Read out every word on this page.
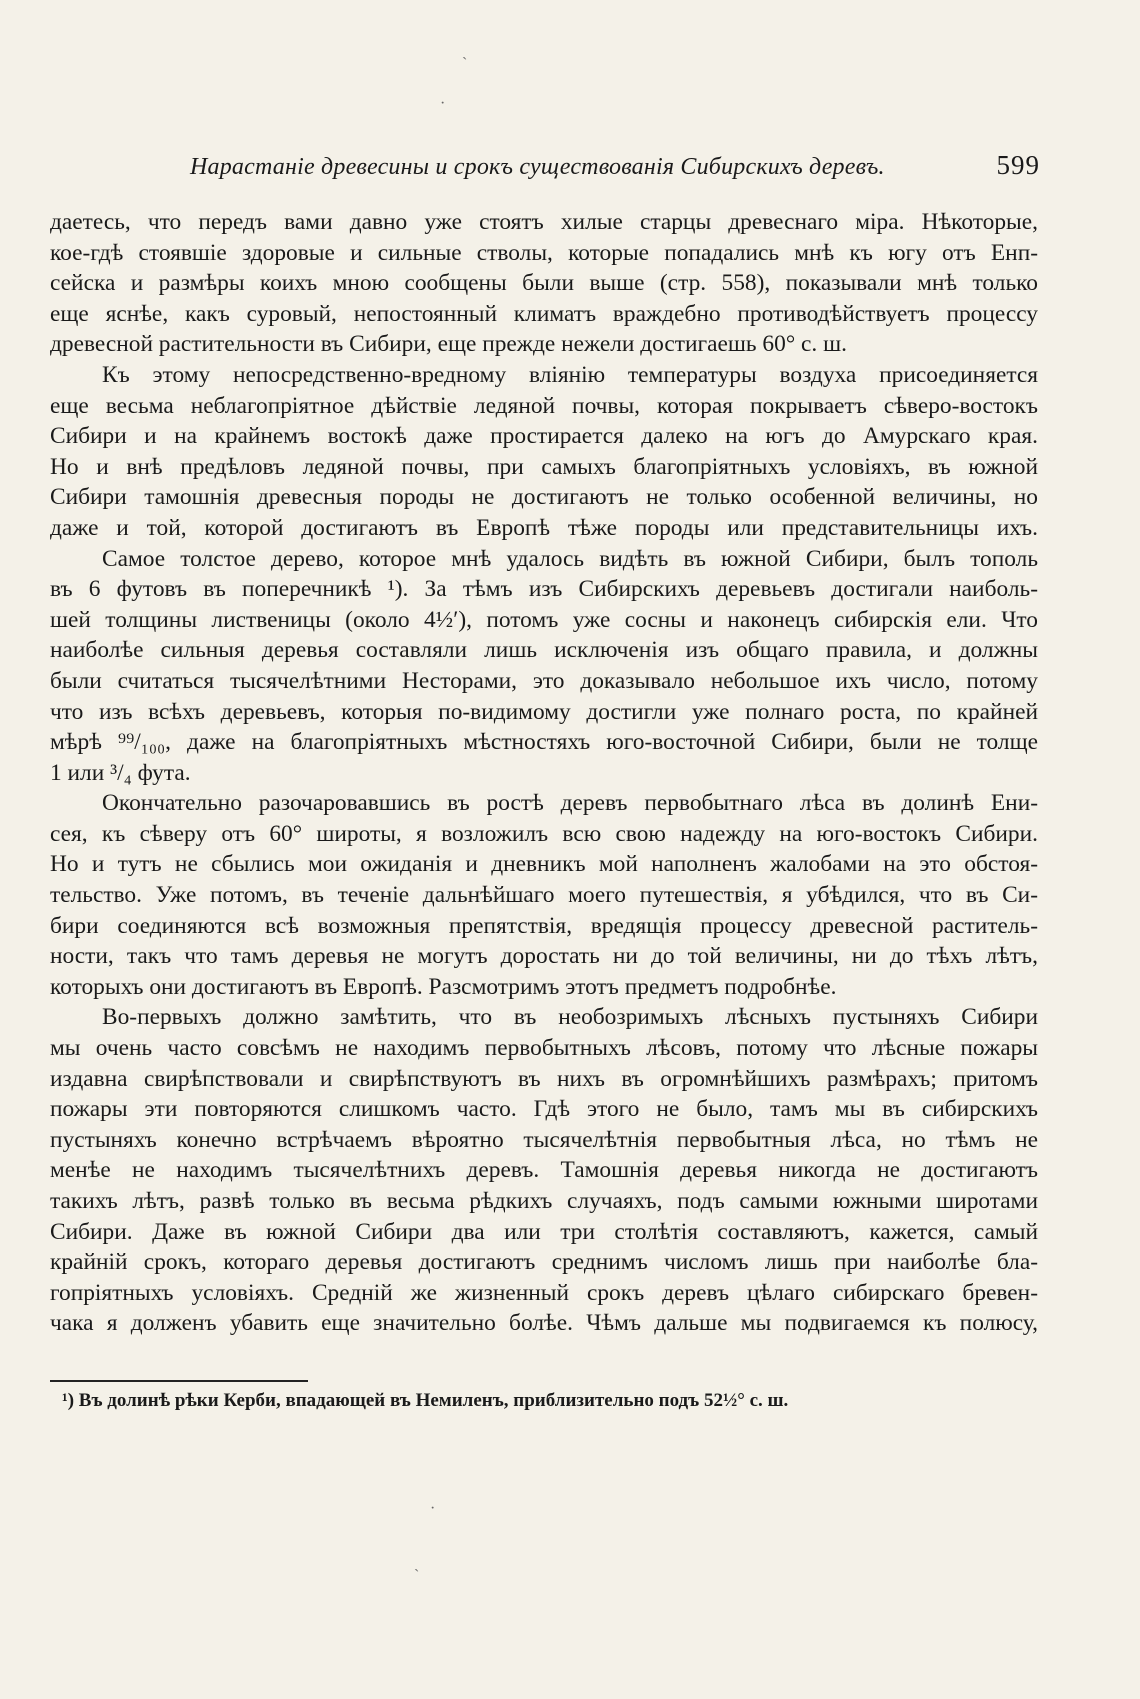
˴
·
Нарастаніе древесины и срокъ существованія Сибирскихъ деревъ.	599
даетесь, что передъ вами давно уже стоятъ хилые старцы древеснаго міра. Нѣкоторые,
кое-гдѣ стоявшіе здоровые и сильные стволы, которые попадались мнѣ къ югу отъ Енп-
сейска и размѣры коихъ мною сообщены были выше (стр. 558), показывали мнѣ только
еще яснѣе, какъ суровый, непостоянный климатъ враждебно противодѣйствуетъ процессу
древесной растительности въ Сибири, еще прежде нежели достигаешь 60° с. ш.
Къ этому непосредственно-вредному вліянію температуры воздуха присоединяется
еще весьма неблагопріятное дѣйствіе ледяной почвы, которая покрываетъ сѣверо-востокъ
Сибири и на крайнемъ востокѣ даже простирается далеко на югъ до Амурскаго края.
Но и внѣ предѣловъ ледяной почвы, при самыхъ благопріятныхъ условіяхъ, въ южной
Сибири тамошнія древесныя породы не достигаютъ не только особенной величины, но
даже и той, которой достигаютъ въ Европѣ тѣже породы или представительницы ихъ.
Самое толстое дерево, которое мнѣ удалось видѣть въ южной Сибири, былъ тополь
въ 6 футовъ въ поперечникѣ ¹). За тѣмъ изъ Сибирскихъ деревьевъ достигали наиболь-
шей толщины лиственицы (около 4½′), потомъ уже сосны и наконецъ сибирскія ели. Что
наиболѣе сильныя деревья составляли лишь исключенія изъ общаго правила, и должны
были считаться тысячелѣтними Несторами, это доказывало небольшое ихъ число, потому
что изъ всѣхъ деревьевъ, которыя по-видимому достигли уже полнаго роста, по крайней
мѣрѣ ⁹⁹/₁₀₀, даже на благопріятныхъ мѣстностяхъ юго-восточной Сибири, были не толще
1 или ³/₄ фута.
Окончательно разочаровавшись въ ростѣ деревъ первобытнаго лѣса въ долинѣ Ени-
сея, къ сѣверу отъ 60° широты, я возложилъ всю свою надежду на юго-востокъ Сибири.
Но и тутъ не сбылись мои ожиданія и дневникъ мой наполненъ жалобами на это обстоя-
тельство. Уже потомъ, въ теченіе дальнѣйшаго моего путешествія, я убѣдился, что въ Си-
бири соединяются всѣ возможныя препятствія, вредящія процессу древесной раститель-
ности, такъ что тамъ деревья не могутъ доростать ни до той величины, ни до тѣхъ лѣтъ,
которыхъ они достигаютъ въ Европѣ. Разсмотримъ этотъ предметъ подробнѣе.
Во-первыхъ должно замѣтить, что въ необозримыхъ лѣсныхъ пустыняхъ Сибири
мы очень часто совсѣмъ не находимъ первобытныхъ лѣсовъ, потому что лѣсные пожары
издавна свирѣпствовали и свирѣпствуютъ въ нихъ въ огромнѣйшихъ размѣрахъ; притомъ
пожары эти повторяются слишкомъ часто. Гдѣ этого не было, тамъ мы въ сибирскихъ
пустыняхъ конечно встрѣчаемъ вѣроятно тысячелѣтнія первобытныя лѣса, но тѣмъ не
менѣе не находимъ тысячелѣтнихъ деревъ. Тамошнія деревья никогда не достигаютъ
такихъ лѣтъ, развѣ только въ весьма рѣдкихъ случаяхъ, подъ самыми южными широтами
Сибири. Даже въ южной Сибири два или три столѣтія составляютъ, кажется, самый
крайній срокъ, котораго деревья достигаютъ среднимъ числомъ лишь при наиболѣе бла-
гопріятныхъ условіяхъ. Средній же жизненный срокъ деревъ цѣлаго сибирскаго бревен-
чака я долженъ убавить еще значительно болѣе. Чѣмъ дальше мы подвигаемся къ полюсу,
¹) Въ долинѣ рѣки Керби, впадающей въ Немиленъ, приблизительно подъ 52½° с. ш.
·
˴
